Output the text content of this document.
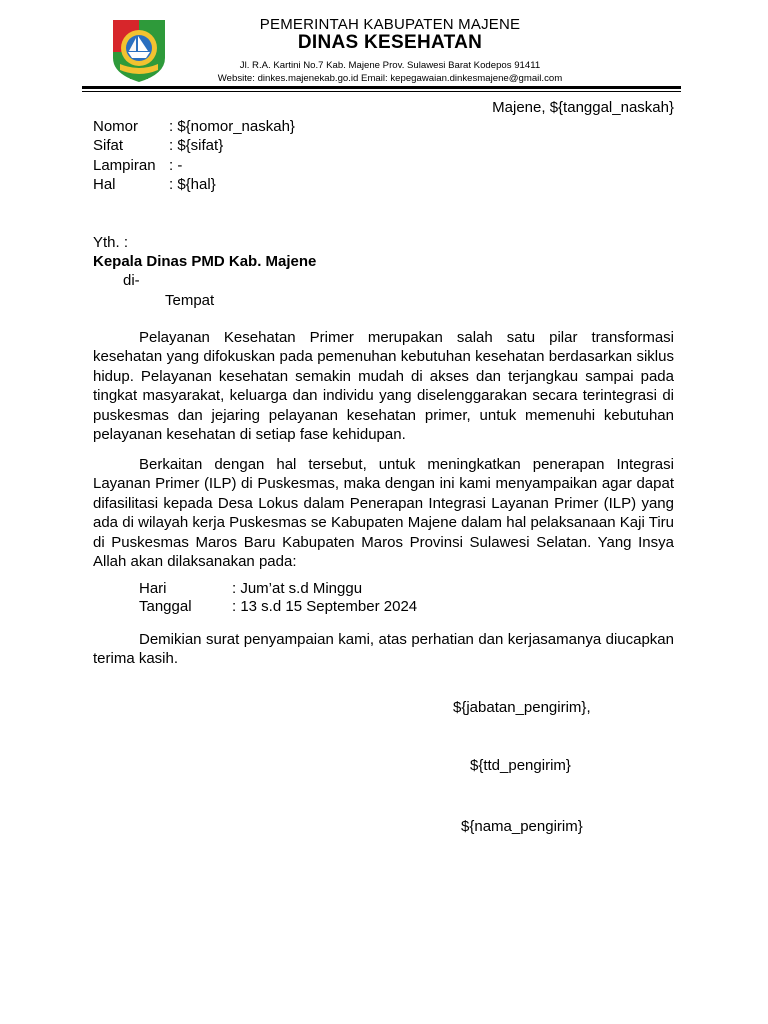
PEMERINTAH KABUPATEN MAJENE
DINAS KESEHATAN
Jl. R.A. Kartini No.7 Kab. Majene Prov. Sulawesi Barat Kodepos 91411
Website: dinkes.majenekab.go.id Email: kepegawaian.dinkesmajene@gmail.com
Majene, ${tanggal_naskah}
Nomor	: ${nomor_naskah}
Sifat	: ${sifat}
Lampiran : -
Hal	: ${hal}
Yth. :
Kepala Dinas PMD Kab. Majene
di-
Tempat

Pelayanan Kesehatan Primer merupakan salah satu pilar transformasi kesehatan yang difokuskan pada pemenuhan kebutuhan kesehatan berdasarkan siklus hidup. Pelayanan kesehatan semakin mudah di akses dan terjangkau sampai pada tingkat masyarakat, keluarga dan individu yang diselenggarakan secara terintegrasi di puskesmas dan jejaring pelayanan kesehatan primer, untuk memenuhi kebutuhan pelayanan kesehatan di setiap fase kehidupan.

Berkaitan dengan hal tersebut, untuk meningkatkan penerapan Integrasi Layanan Primer (ILP) di Puskesmas, maka dengan ini kami menyampaikan agar dapat difasilitasi kepada Desa Lokus dalam Penerapan Integrasi Layanan Primer (ILP) yang ada di wilayah kerja Puskesmas se Kabupaten Majene dalam hal pelaksanaan Kaji Tiru di Puskesmas Maros Baru Kabupaten Maros Provinsi Sulawesi Selatan. Yang Insya Allah akan dilaksanakan pada:

Hari	: Jum’at s.d Minggu
Tanggal	: 13 s.d 15 September 2024

Demikian surat penyampaian kami, atas perhatian dan kerjasamanya diucapkan terima kasih.

${jabatan_pengirim},
${ttd_pengirim}
${nama_pengirim}
